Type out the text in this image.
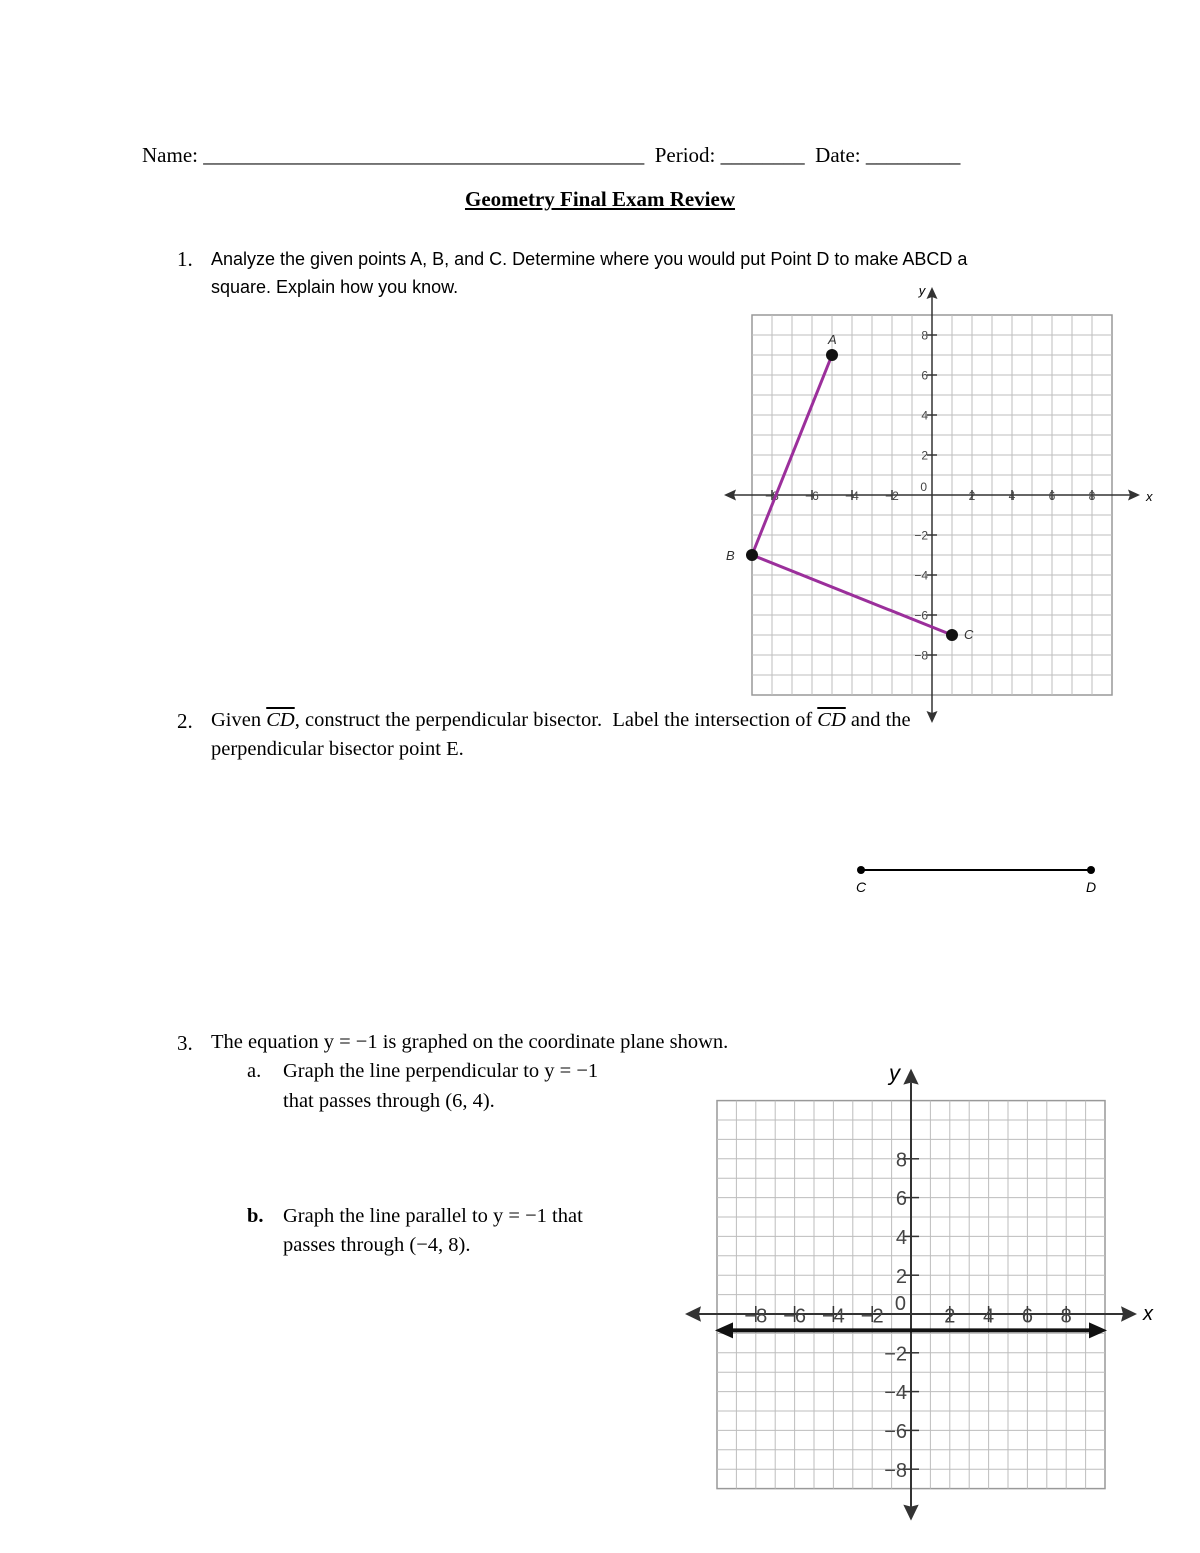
Name: __________________________________________ Period: ________ Date: _________
Geometry Final Exam Review
1. Analyze the given points A, B, and C. Determine where you would put Point D to make ABCD a
square. Explain how you know.
−8 −6 −4 −2	2	4	6	8
8
6
4
2
−2
−4
−6
−8
0
A
B
C
x
y
2. Given $\overline{CD}$, construct the perpendicular bisector.  Label the intersection of $\overline{CD}$ and the
perpendicular bisector point E.
C	D
3. The equation y = −1 is graphed on the coordinate plane shown.
a. Graph the line perpendicular to y = −1
that passes through (6, 4).
b. Graph the line parallel to y = −1 that
passes through (−4, 8).
−8 −6 −4 −2	2 4 6 8
8
6
4
2
−2
−4
−6
−8
0	x
y
